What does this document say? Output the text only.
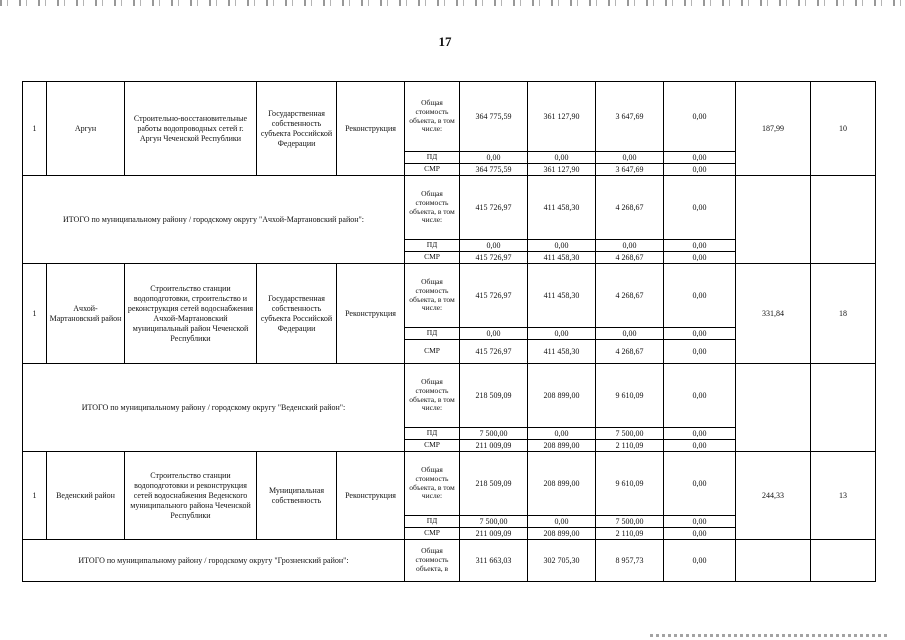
17
1	Аргун	Строительно-восстановительные работы водопроводных сетей г. Аргун Чеченской Республики	Государственная собственность субъекта Российской Федерации	Реконструкция	Общая стоимость объекта, в том числе:	364 775,59	361 127,90	3 647,69	0,00	187,99	10
					ПД	0,00	0,00	0,00	0,00		
					СМР	364 775,59	361 127,90	3 647,69	0,00		
ИТОГО по муниципальному району / городскому округу "Ачхой-Мартановский район":					Общая стоимость объекта, в том числе:	415 726,97	411 458,30	4 268,67	0,00		
					ПД	0,00	0,00	0,00	0,00		
					СМР	415 726,97	411 458,30	4 268,67	0,00		
1	Ачхой-Мартановский район	Строительство станции водоподготовки, строительство и реконструкция сетей водоснабжения Ачхой-Мартановский муниципальный район Чеченской Республики	Государственная собственность субъекта Российской Федерации	Реконструкция	Общая стоимость объекта, в том числе:	415 726,97	411 458,30	4 268,67	0,00	331,84	18
					ПД	0,00	0,00	0,00	0,00		
					СМР	415 726,97	411 458,30	4 268,67	0,00		
ИТОГО по муниципальному району / городскому округу "Веденский район":					Общая стоимость объекта, в том числе:	218 509,09	208 899,00	9 610,09	0,00		
					ПД	7 500,00	0,00	7 500,00	0,00		
					СМР	211 009,09	208 899,00	2 110,09	0,00		
1	Веденский район	Строительство станции водоподготовки и реконструкция сетей водоснабжения Веденского муниципального района Чеченской Республики	Муниципальная собственность	Реконструкция	Общая стоимость объекта, в том числе:	218 509,09	208 899,00	9 610,09	0,00	244,33	13
					ПД	7 500,00	0,00	7 500,00	0,00		
					СМР	211 009,09	208 899,00	2 110,09	0,00		
ИТОГО по муниципальному району / городскому округу "Грозненский район":					Общая стоимость объекта, в	311 663,03	302 705,30	8 957,73	0,00		
